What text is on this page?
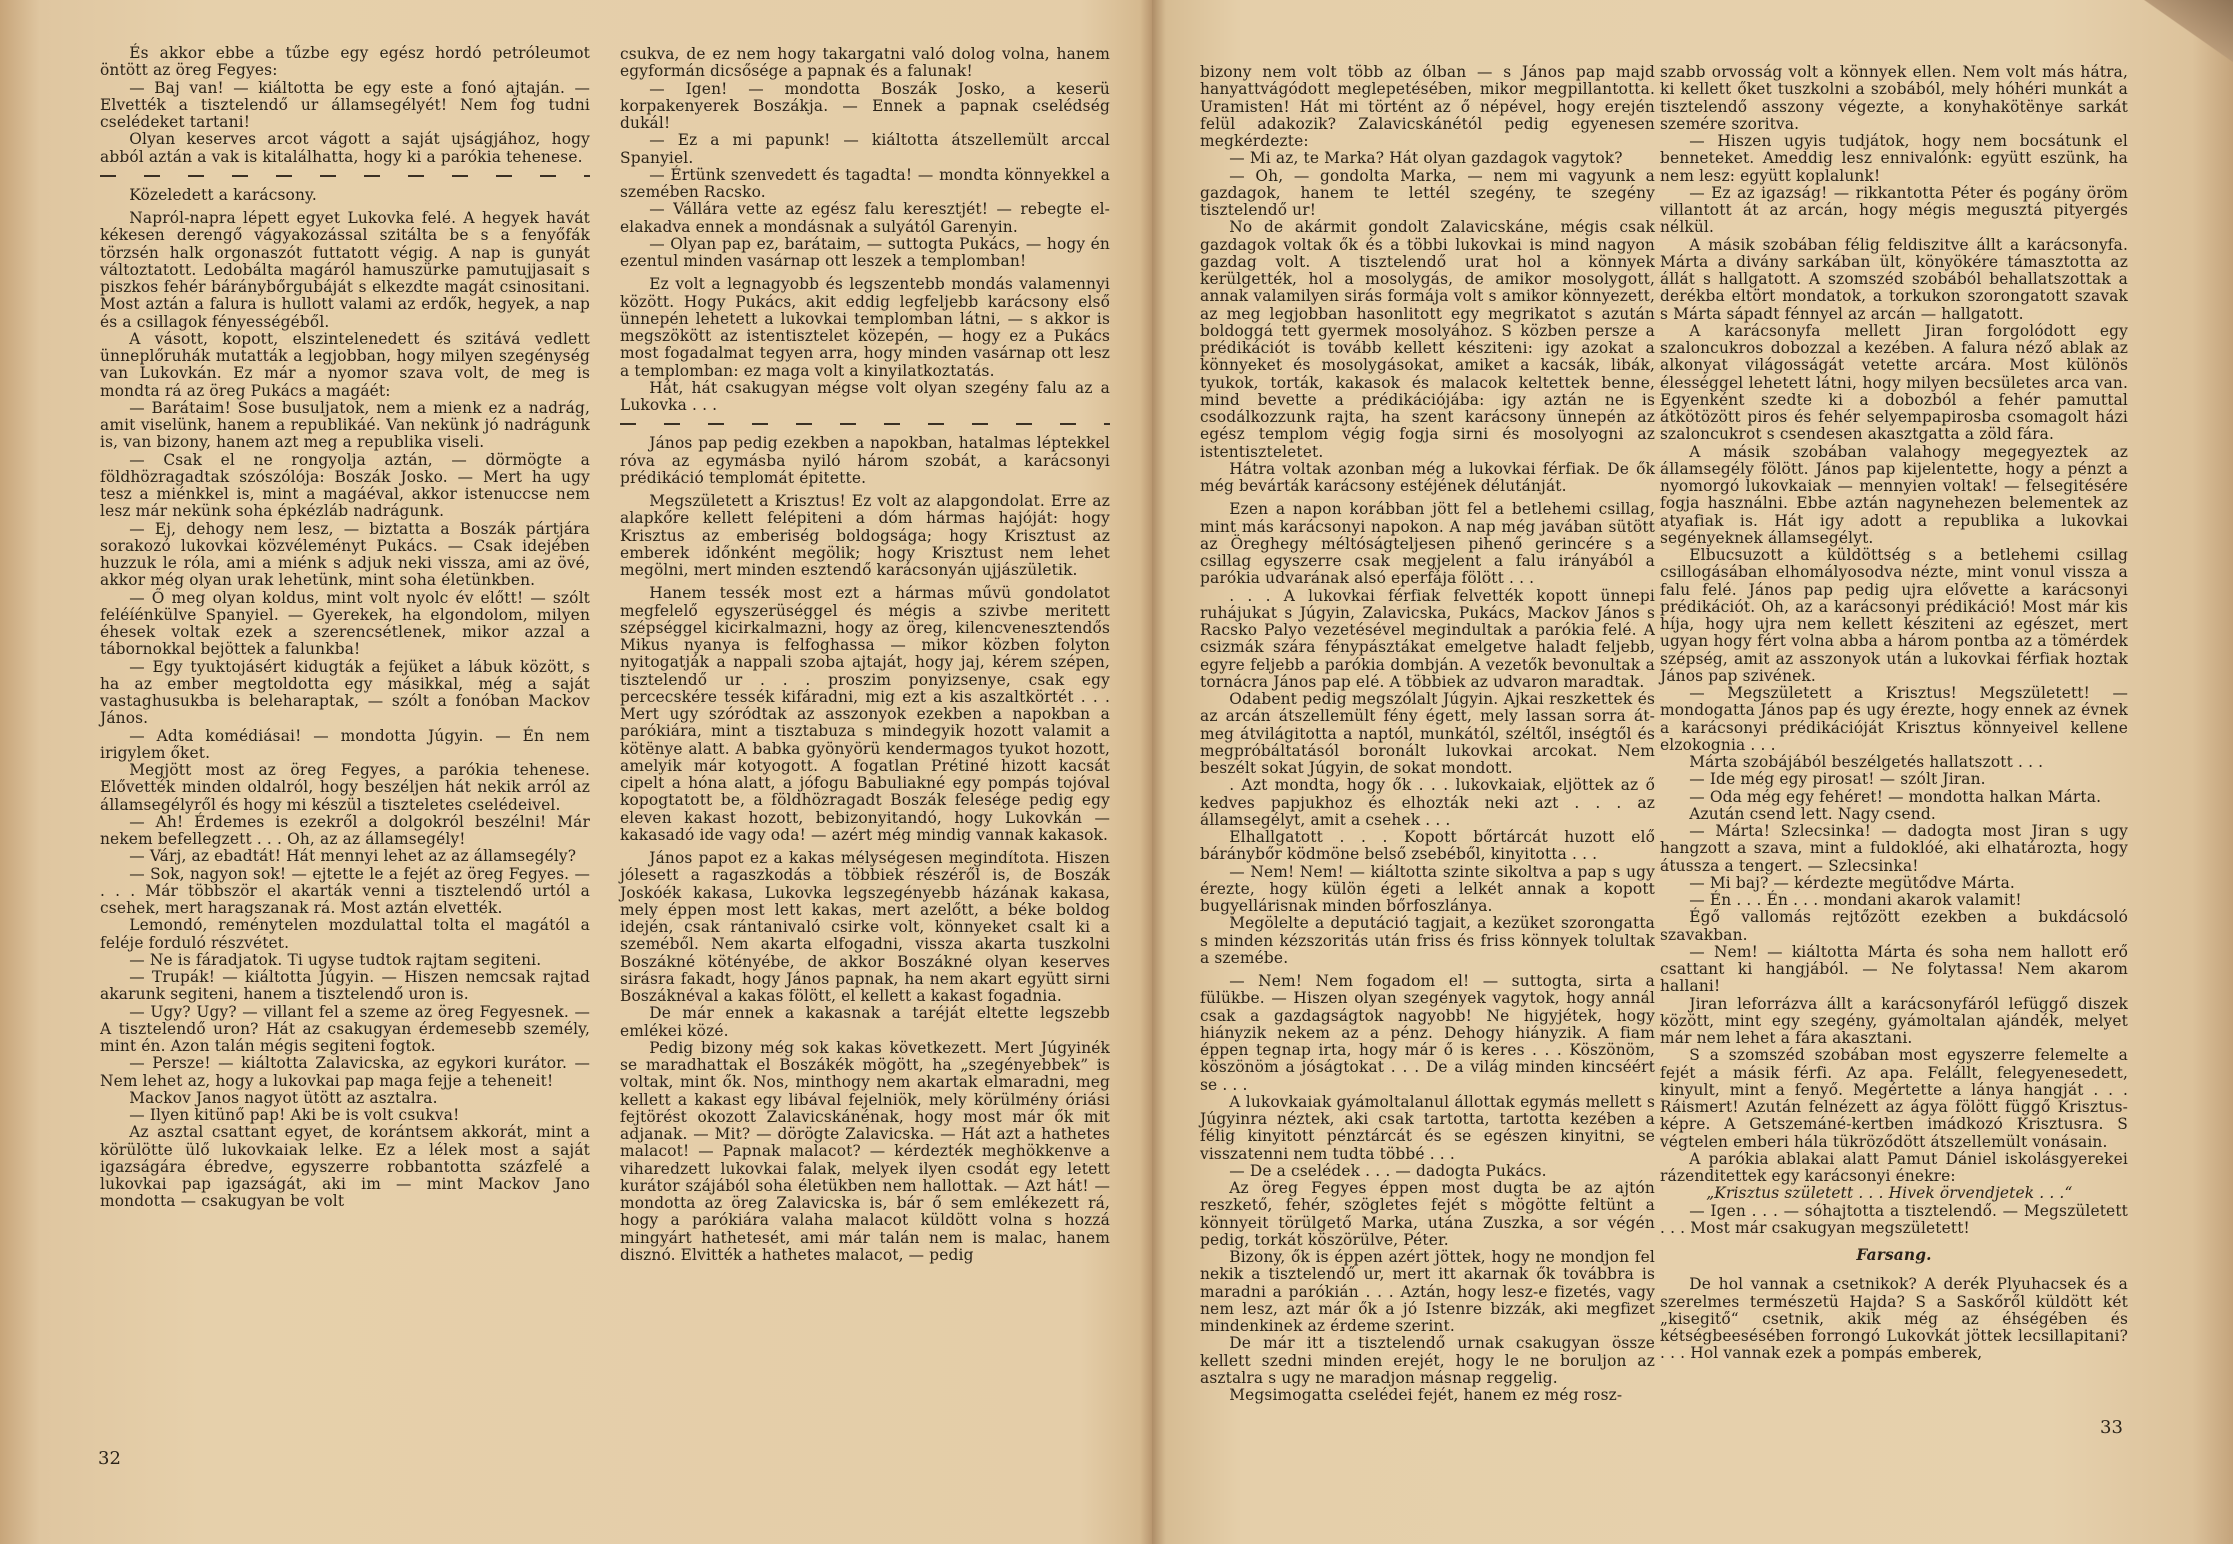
És akkor ebbe a tűzbe egy egész hordó petróleumot öntött az öreg Fegyes:

— Baj van! — kiáltotta be egy este a fonó ajtaján. — Elvették a tisztelendő ur államsegélyét! Nem fog tudni cselédeket tartani!

Olyan keserves arcot vágott a saját ujságjához, hogy abból aztán a vak is kitalálhatta, hogy ki a parókia tehenese.

Közeledett a karácsony.

Napról-napra lépett egyet Lukovka felé. A hegyek havát kékesen derengő vágyakozással szitálta be s a fenyőfák törzsén halk orgonaszót futtatott végig. A nap is gunyát változtatott. Ledobálta magáról hamuszürke pamutujjasait s piszkos fehér báránybőrgubáját s elkezdte magát csinositani. Most aztán a falura is hullott valami az erdők, hegyek, a nap és a csillagok fényességéből.

A vásott, kopott, elszintelenedett és szitává vedlett ünneplőruhák mutatták a legjobban, hogy milyen szegénység van Lukovkán. Ez már a nyomor szava volt, de meg is mondta rá az öreg Pukács a magáét:

— Barátaim! Sose busuljatok, nem a mienk ez a nadrág, amit viselünk, hanem a republikáé. Van nekünk jó nadrágunk is, van bizony, hanem azt meg a republika viseli.

— Csak el ne rongyolja aztán, — dörmögte a földhözragadtak szószólója: Boszák Josko. — Mert ha ugy tesz a miénkkel is, mint a magáéval, akkor istenuccse nem lesz már nekünk soha épkézláb nadrágunk.

— Ej, dehogy nem lesz, — biztatta a Boszák pártjára sorakozó lukovkai közvéleményt Pukács. — Csak idejében huzzuk le róla, ami a miénk s adjuk neki vissza, ami az övé, akkor még olyan urak lehetünk, mint soha életünkben.

— Ő meg olyan koldus, mint volt nyolc év előtt! — szólt feléíénkülve Spanyiel. — Gyerekek, ha elgondolom, milyen éhesek voltak ezek a szerencsétlenek, mikor azzal a tábornokkal bejöttek a falunkba!

— Egy tyuktojásért kidugták a fejüket a lábuk között, s ha az ember megtoldotta egy másikkal, még a saját vastaghusukba is beleharaptak, — szólt a fonóban Mackov János.

— Adta komédiásai! — mondotta Júgyin. — Én nem irigylem őket.

Megjött most az öreg Fegyes, a parókia tehenese. Elővették minden oldalról, hogy beszéljen hát nekik arról az államsegélyről és hogy mi készül a tiszteletes cselédeivel.

— Ah! Érdemes is ezekről a dolgokról beszélni! Már nekem befellegzett . . . Oh, az az államsegély!

— Várj, az ebadtát! Hát mennyi lehet az az államsegély?

— Sok, nagyon sok! — ejtette le a fejét az öreg Fegyes. — . . . Már többször el akarták venni a tisztelendő urtól a csehek, mert haragszanak rá. Most aztán elvették.

Lemondó, reménytelen mozdulattal tolta el magától a feléje forduló részvétet.

— Ne is fáradjatok. Ti ugyse tudtok rajtam segiteni.

— Trupák! — kiáltotta Júgyin. — Hiszen nemcsak rajtad akarunk segiteni, hanem a tisztelendő uron is.

— Ugy? Ugy? — villant fel a szeme az öreg Fegyesnek. — A tisztelendő uron? Hát az csakugyan érdemesebb személy, mint én. Azon talán mégis segiteni fogtok.

— Persze! — kiáltotta Zalavicska, az egykori kurátor. — Nem lehet az, hogy a lukovkai pap maga fejje a teheneit!

Mackov Janos nagyot ütött az asztalra.

— Ilyen kitünő pap! Aki be is volt csukva!

Az asztal csattant egyet, de korántsem akkorát, mint a körülötte ülő lukovkaiak lelke. Ez a lélek most a saját igazságára ébredve, egyszerre robbantotta százfelé a lukovkai pap igazságát, aki im — mint Mackov Jano mondotta — csakugyan be volt

csukva, de ez nem hogy takargatni való dolog volna, hanem egyformán dicsősége a papnak és a falunak!

— Igen! — mondotta Boszák Josko, a keserü korpakenyerek Boszákja. — Ennek a papnak cselédség dukál!

— Ez a mi papunk! — kiáltotta átszellemült arccal Spanyiel.

— Értünk szenvedett és tagadta! — mondta könnyekkel a szemében Racsko.

— Vállára vette az egész falu keresztjét! — rebegte el-elakadva ennek a mondásnak a sulyától Garenyin.

— Olyan pap ez, barátaim, — suttogta Pukács, — hogy én ezentul minden vasárnap ott leszek a templomban!

Ez volt a legnagyobb és legszentebb mondás valamennyi között. Hogy Pukács, akit eddig legfeljebb karácsony első ünnepén lehetett a lukovkai templomban látni, — s akkor is megszökött az istentisztelet közepén, — hogy ez a Pukács most fogadalmat tegyen arra, hogy minden vasárnap ott lesz a templomban: ez maga volt a kinyilatkoztatás.

Hát, hát csakugyan mégse volt olyan szegény falu az a Lukovka . . .

János pap pedig ezekben a napokban, hatalmas léptekkel róva az egymásba nyiló három szobát, a karácsonyi prédikáció templomát épitette.

Megszületett a Krisztus! Ez volt az alapgondolat. Erre az alapkőre kellett felépiteni a dóm hármas hajóját: hogy Krisztus az emberiség boldogsága; hogy Krisztust az emberek időnként megölik; hogy Krisztust nem lehet megölni, mert minden esztendő karácsonyán ujjászületik.

Hanem tessék most ezt a hármas művü gondolatot megfelelő egyszerüséggel és mégis a szivbe meritett szépséggel kicirkalmazni, hogy az öreg, kilencvenesztendős Mikus nyanya is felfoghassa — mikor közben folyton nyitogatják a nappali szoba ajtaját, hogy jaj, kérem szépen, tisztelendő ur . . . proszim ponyizsenye, csak egy percecskére tessék kifáradni, mig ezt a kis aszaltkörtét . . . Mert ugy szóródtak az asszonyok ezekben a napokban a parókiára, mint a tisztabuza s mindegyik hozott valamit a kötënye alatt. A babka gyönyörü kendermagos tyukot hozott, amelyik már kotyogott. A fogatlan Prétiné hizott kacsát cipelt a hóna alatt, a jófogu Babuliakné egy pompás tojóval kopogtatott be, a földhözragadt Boszák felesége pedig egy eleven kakast hozott, bebizonyitandó, hogy Lukovkán — kakasadó ide vagy oda! — azért még mindig vannak kakasok.

János papot ez a kakas mélységesen megindítota. Hiszen jólesett a ragaszkodás a többiek részéről is, de Boszák Joskóék kakasa, Lukovka legszegényebb házának kakasa, mely éppen most lett kakas, mert azelőtt, a béke boldog idején, csak rántanivaló csirke volt, könnyeket csalt ki a szeméből. Nem akarta elfogadni, vissza akarta tuszkolni Boszákné kötényébe, de akkor Boszákné olyan keserves sirásra fakadt, hogy János papnak, ha nem akart együtt sirni Boszáknéval a kakas fölött, el kellett a kakast fogadnia.

De már ennek a kakasnak a taréját eltette legszebb emlékei közé.

Pedig bizony még sok kakas következett. Mert Júgyinék se maradhattak el Boszákék mögött, ha „szegényebbek” is voltak, mint ők. Nos, minthogy nem akartak elmaradni, meg kellett a kakast egy libával fejelniök, mely körülmény óriási fejtörést okozott Zalavicskánénak, hogy most már ők mit adjanak. — Mit? — dörögte Zalavicska. — Hát azt a hathetes malacot! — Papnak malacot? — kérdezték meghökkenve a viharedzett lukovkai falak, melyek ilyen csodát egy letett kurátor szájából soha életükben nem hallottak. — Azt hát! — mondotta az öreg Zalavicska is, bár ő sem emlékezett rá, hogy a parókiára valaha malacot küldött volna s hozzá mingyárt hathetesét, ami már talán nem is malac, hanem disznó. Elvitték a hathetes malacot, — pedig

32

bizony nem volt több az ólban — s János pap majd hanyattvágódott meglepetésében, mikor megpillantotta. Uramisten! Hát mi történt az ő népével, hogy erején felül adakozik? Zalavicskánétól pedig egyenesen megkérdezte:

— Mi az, te Marka? Hát olyan gazdagok vagytok?

— Oh, — gondolta Marka, — nem mi vagyunk a gazdagok, hanem te lettél szegény, te szegény tisztelendő ur!

No de akármit gondolt Zalavicskáne, mégis csak gazdagok voltak ők és a többi lukovkai is mind nagyon gazdag volt. A tisztelendő urat hol a könnyek kerülgették, hol a mosolygás, de amikor mosolygott, annak valamilyen sirás formája volt s amikor könnyezett, az meg legjobban hasonlitott egy megrikatot s azután boldoggá tett gyermek mosolyához. S közben persze a prédikációt is tovább kellett késziteni: igy azokat a könnyeket és mosolygásokat, amiket a kacsák, libák, tyukok, torták, kakasok és malacok keltettek benne, mind bevette a prédikációjába: igy aztán ne is csodálkozzunk rajta, ha szent karácsony ünnepén az egész templom végig fogja sirni és mosolyogni az istentiszteletet.

Hátra voltak azonban még a lukovkai férfiak. De ők még bevárták karácsony estéjének délutánját.

Ezen a napon korábban jött fel a betlehemi csillag, mint más karácsonyi napokon. A nap még javában sütött az Öreghegy méltóságteljesen pihenő gerincére s a csillag egyszerre csak megjelent a falu irányából a parókia udvarának alsó eperfája fölött . . .

. . . A lukovkai férfiak felvették kopott ünnepi ruhájukat s Júgyin, Zalavicska, Pukács, Mackov János s Racsko Palyo vezetésével megindultak a parókia felé. A csizmák szára fénypásztákat emelgetve haladt feljebb, egyre feljebb a parókia dombján. A vezetők bevonultak a tornácra János pap elé. A többiek az udvaron maradtak.

Odabent pedig megszólalt Júgyin. Ajkai reszkettek és az arcán átszellemült fény égett, mely lassan sorra át- meg átvilágitotta a naptól, munkától, széltől, inségtől és megpróbáltatásól boronált lukovkai arcokat. Nem beszélt sokat Júgyin, de sokat mondott.

. Azt mondta, hogy ők . . . lukovkaiak, eljöttek az ő kedves papjukhoz és elhozták neki azt . . . az államsegélyt, amit a csehek . . .

Elhallgatott . . . Kopott bőrtárcát huzott elő báránybőr ködmöne belső zsebéből, kinyitotta . . .

— Nem! Nem! — kiáltotta szinte sikoltva a pap s ugy érezte, hogy külön égeti a lelkét annak a kopott bugyellárisnak minden bőrfoszlánya.

Megölelte a deputáció tagjait, a kezüket szorongatta s minden kézszoritás után friss és friss könnyek tolultak a szemébe.

— Nem! Nem fogadom el! — suttogta, sirta a fülükbe. — Hiszen olyan szegények vagytok, hogy annál csak a gazdagságtok nagyobb! Ne higyjétek, hogy hiányzik nekem az a pénz. Dehogy hiányzik. A fiam éppen tegnap irta, hogy már ő is keres . . . Köszönöm, köszönöm a jóságtokat . . . De a világ minden kincséért se . . .

A lukovkaiak gyámoltalanul állottak egymás mellett s Júgyinra néztek, aki csak tartotta, tartotta kezében a félig kinyitott pénztárcát és se egészen kinyitni, se visszatenni nem tudta többé . . .

— De a cselédek . . . — dadogta Pukács.

Az öreg Fegyes éppen most dugta be az ajtón reszkető, fehér, szögletes fejét s mögötte feltünt a könnyeit törülgető Marka, utána Zuszka, a sor végén pedig, torkát köszörülve, Péter.

Bizony, ők is éppen azért jöttek, hogy ne mondjon fel nekik a tisztelendő ur, mert itt akarnak ők továbbra is maradni a parókián . . . Aztán, hogy lesz-e fizetés, vagy nem lesz, azt már ők a jó Istenre bizzák, aki megfizet mindenkinek az érdeme szerint.

De már itt a tisztelendő urnak csakugyan össze kellett szedni minden erejét, hogy le ne boruljon az asztalra s ugy ne maradjon másnap reggelig.

Megsimogatta cselédei fejét, hanem ez még rosz-

szabb orvosság volt a könnyek ellen. Nem volt más hátra, ki kellett őket tuszkolni a szobából, mely hóhéri munkát a tisztelendő asszony végezte, a konyhakötënye sarkát szemére szoritva.

— Hiszen ugyis tudjátok, hogy nem bocsátunk el benneteket. Ameddig lesz ennivalónk: együtt eszünk, ha nem lesz: együtt koplalunk!

— Ez az igazság! — rikkantotta Péter és pogány öröm villantott át az arcán, hogy mégis megusztá pityergés nélkül.

A másik szobában félig feldiszitve állt a karácsonyfa. Márta a divány sarkában ült, könyökére támasztotta az állát s hallgatott. A szomszéd szobából behallatszottak a derékba eltört mondatok, a torkukon szorongatott szavak s Márta sápadt fénnyel az arcán — hallgatott.

A karácsonyfa mellett Jiran forgolódott egy szaloncukros dobozzal a kezében. A falura néző ablak az alkonyat világosságát vetette arcára. Most különös élességgel lehetett látni, hogy milyen becsületes arca van. Egyenként szedte ki a dobozból a fehér pamuttal átkötözött piros és fehér selyempapirosba csomagolt házi szaloncukrot s csendesen akasztgatta a zöld fára.

A másik szobában valahogy megegyeztek az államsegély fölött. János pap kijelentette, hogy a pénzt a nyomorgó lukovkaiak — mennyien voltak! — felsegitésére fogja használni. Ebbe aztán nagynehezen belementek az atyafiak is. Hát igy adott a republika a lukovkai segényeknek államsegélyt.

Elbucsuzott a küldöttség s a betlehemi csillag csillogásában elhomályosodva nézte, mint vonul vissza a falu felé. János pap pedig ujra elővette a karácsonyi prédikációt. Oh, az a karácsonyi prédikáció! Most már kis híja, hogy ujra nem kellett késziteni az egészet, mert ugyan hogy fért volna abba a három pontba az a tömérdek szépség, amit az asszonyok után a lukovkai férfiak hoztak János pap szivének.

— Megszületett a Krisztus! Megszületett! — mondogatta János pap és ugy érezte, hogy ennek az évnek a karácsonyi prédikációját Krisztus könnyeivel kellene elzokognia . . .

Márta szobájából beszélgetés hallatszott . . .

— Ide még egy pirosat! — szólt Jiran.

— Oda még egy fehéret! — mondotta halkan Márta.

Azután csend lett. Nagy csend.

— Márta! Szlecsinka! — dadogta most Jiran s ugy hangzott a szava, mint a fuldoklóé, aki elhatározta, hogy átussza a tengert. — Szlecsinka!

— Mi baj? — kérdezte megütődve Márta.

— Én . . . Én . . . mondani akarok valamit!

Égő vallomás rejtőzött ezekben a bukdácsoló szavakban.

— Nem! — kiáltotta Márta és soha nem hallott erő csattant ki hangjából. — Ne folytassa! Nem akarom hallani!

Jiran leforrázva állt a karácsonyfáról lefüggő diszek között, mint egy szegény, gyámoltalan ajándék, melyet már nem lehet a fára akasztani.

S a szomszéd szobában most egyszerre felemelte a fejét a másik férfi. Az apa. Felállt, felegyenesedett, kinyult, mint a fenyő. Megértette a lánya hangját . . . Ráismert! Azután felnézett az ágya fölött függő Krisztus-képre. A Getszemáné-kertben imádkozó Krisztusra. S végtelen emberi hála tükröződött átszellemült vonásain.

A parókia ablakai alatt Pamut Dániel iskolásgyerekei rázenditettek egy karácsonyi énekre:

„Krisztus született . . . Hivek örvendjetek . . .“

— Igen . . . — sóhajtotta a tisztelendő. — Megszületett . . . Most már csakugyan megszületett!

Farsang.

De hol vannak a csetnikok? A derék Plyuhacsek és a szerelmes természetü Hajda? S a Saskőről küldött két „kisegitő“ csetnik, akik még az éhségében és kétségbeesésében forrongó Lukovkát jöttek lecsillapitani? . . . Hol vannak ezek a pompás emberek,

33
